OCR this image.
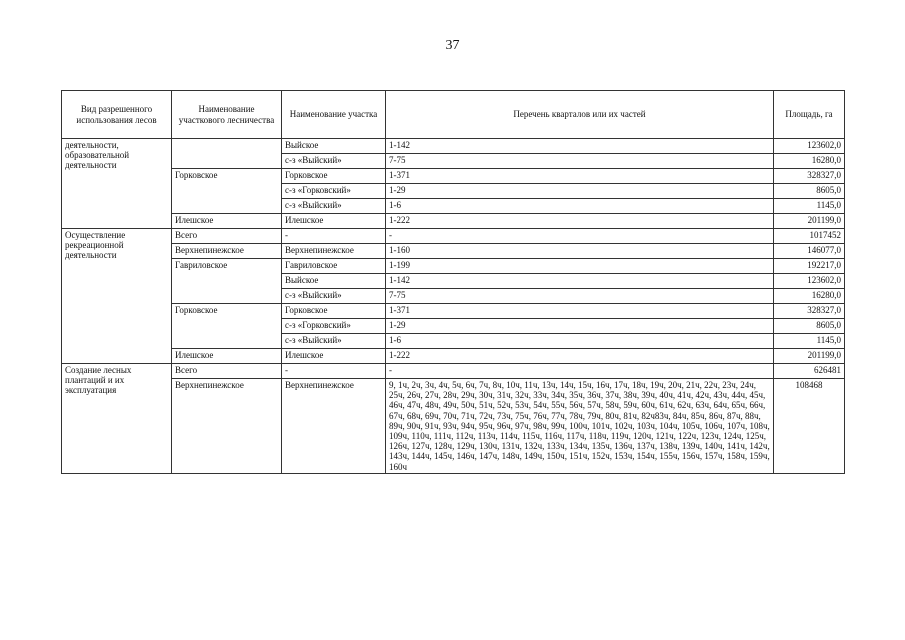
37
Вид разрешенного использования лесов	Наименование участкового лесничества	Наименование участка	Перечень кварталов или их частей	Площадь, га
деятельности, образовательной деятельности		Выйское	1-142	123602,0
		с-з «Выйский»	7-75	16280,0
	Горковское	Горковское	1-371	328327,0
		с-з «Горковский»	1-29	8605,0
		с-з «Выйский»	1-6	1145,0
	Илешское	Илешское	1-222	201199,0
Осуществление рекреационной деятельности	Всего	-	-	1017452
	Верхнепинежское	Верхнепинежское	1-160	146077,0
	Гавриловское	Гавриловское	1-199	192217,0
		Выйское	1-142	123602,0
		с-з «Выйский»	7-75	16280,0
	Горковское	Горковское	1-371	328327,0
		с-з «Горковский»	1-29	8605,0
		с-з «Выйский»	1-6	1145,0
	Илешское	Илешское	1-222	201199,0
Создание лесных плантаций и их эксплуатация	Всего	-	-	626481
	Верхнепинежское	Верхнепинежское	9, 1ч, 2ч, 3ч, 4ч, 5ч, 6ч, 7ч, 8ч, 10ч, 11ч, 13ч, 14ч, 15ч, 16ч, 17ч, 18ч, 19ч, 20ч, 21ч, 22ч, 23ч, 24ч, 25ч, 26ч, 27ч, 28ч, 29ч, 30ч, 31ч, 32ч, 33ч, 34ч, 35ч, 36ч, 37ч, 38ч, 39ч, 40ч, 41ч, 42ч, 43ч, 44ч, 45ч, 46ч, 47ч, 48ч, 49ч, 50ч, 51ч, 52ч, 53ч, 54ч, 55ч, 56ч, 57ч, 58ч, 59ч, 60ч, 61ч, 62ч, 63ч, 64ч, 65ч, 66ч, 67ч, 68ч, 69ч, 70ч, 71ч, 72ч, 73ч, 75ч, 76ч, 77ч, 78ч, 79ч, 80ч, 81ч, 82ч83ч, 84ч, 85ч, 86ч, 87ч, 88ч, 89ч, 90ч, 91ч, 93ч, 94ч, 95ч, 96ч, 97ч, 98ч, 99ч, 100ч, 101ч, 102ч, 103ч, 104ч, 105ч, 106ч, 107ч, 108ч, 109ч, 110ч, 111ч, 112ч, 113ч, 114ч, 115ч, 116ч, 117ч, 118ч, 119ч, 120ч, 121ч, 122ч, 123ч, 124ч, 125ч, 126ч, 127ч, 128ч, 129ч, 130ч, 131ч, 132ч, 133ч, 134ч, 135ч, 136ч, 137ч, 138ч, 139ч, 140ч, 141ч, 142ч, 143ч, 144ч, 145ч, 146ч, 147ч, 148ч, 149ч, 150ч, 151ч, 152ч, 153ч, 154ч, 155ч, 156ч, 157ч, 158ч, 159ч, 160ч	108468
